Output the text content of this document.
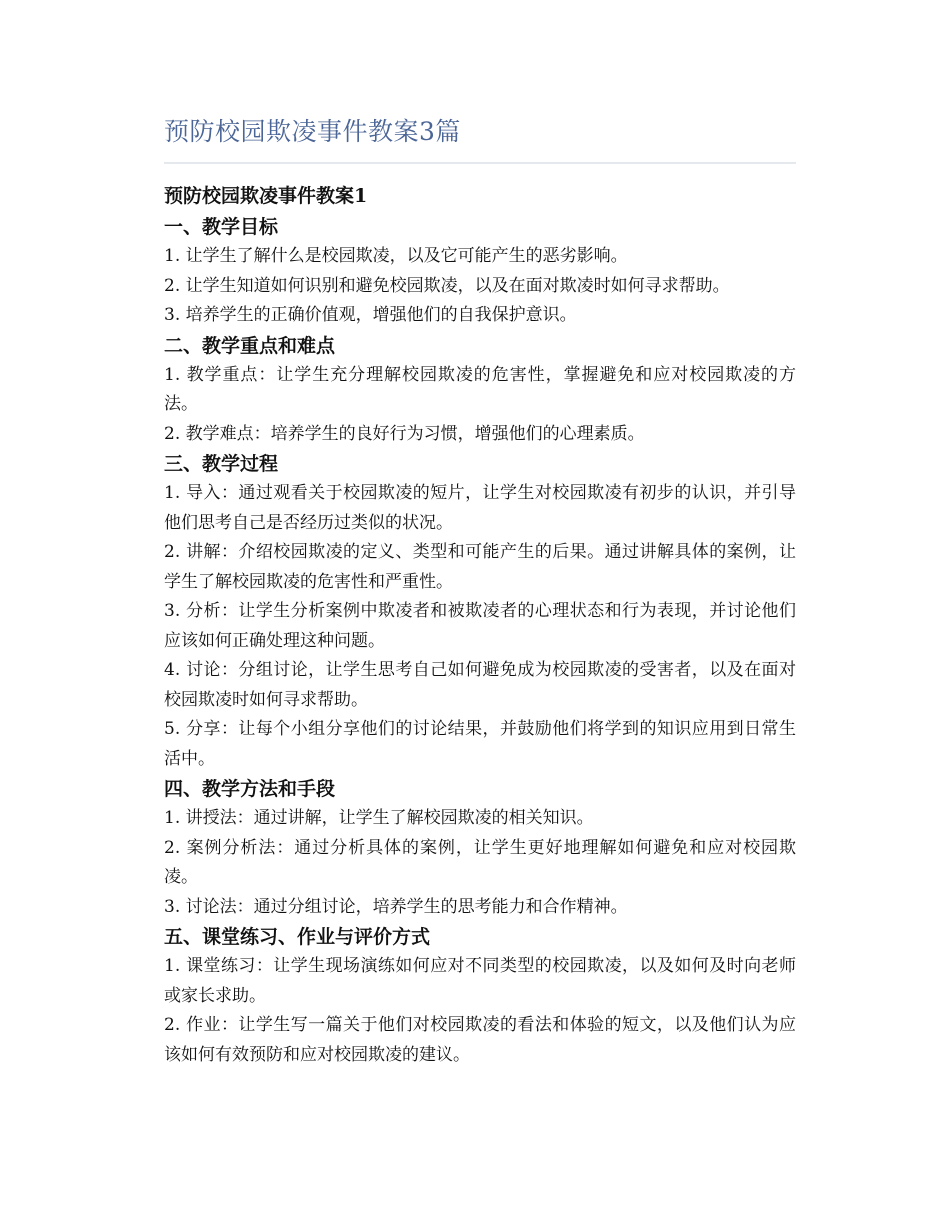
预防校园欺凌事件教案3篇
预防校园欺凌事件教案1
一、教学目标

1. 让学生了解什么是校园欺凌，以及它可能产生的恶劣影响。

2. 让学生知道如何识别和避免校园欺凌，以及在面对欺凌时如何寻求帮助。

3. 培养学生的正确价值观，增强他们的自我保护意识。

二、教学重点和难点

1. 教学重点：让学生充分理解校园欺凌的危害性，掌握避免和应对校园欺凌的方法。

2. 教学难点：培养学生的良好行为习惯，增强他们的心理素质。

三、教学过程

1. 导入：通过观看关于校园欺凌的短片，让学生对校园欺凌有初步的认识，并引导他们思考自己是否经历过类似的状况。

2. 讲解：介绍校园欺凌的定义、类型和可能产生的后果。通过讲解具体的案例，让学生了解校园欺凌的危害性和严重性。

3. 分析：让学生分析案例中欺凌者和被欺凌者的心理状态和行为表现，并讨论他们应该如何正确处理这种问题。

4. 讨论：分组讨论，让学生思考自己如何避免成为校园欺凌的受害者，以及在面对校园欺凌时如何寻求帮助。

5. 分享：让每个小组分享他们的讨论结果，并鼓励他们将学到的知识应用到日常生活中。

四、教学方法和手段

1. 讲授法：通过讲解，让学生了解校园欺凌的相关知识。

2. 案例分析法：通过分析具体的案例，让学生更好地理解如何避免和应对校园欺凌。

3. 讨论法：通过分组讨论，培养学生的思考能力和合作精神。

五、课堂练习、作业与评价方式

1. 课堂练习：让学生现场演练如何应对不同类型的校园欺凌，以及如何及时向老师或家长求助。

2. 作业：让学生写一篇关于他们对校园欺凌的看法和体验的短文，以及他们认为应该如何有效预防和应对校园欺凌的建议。
